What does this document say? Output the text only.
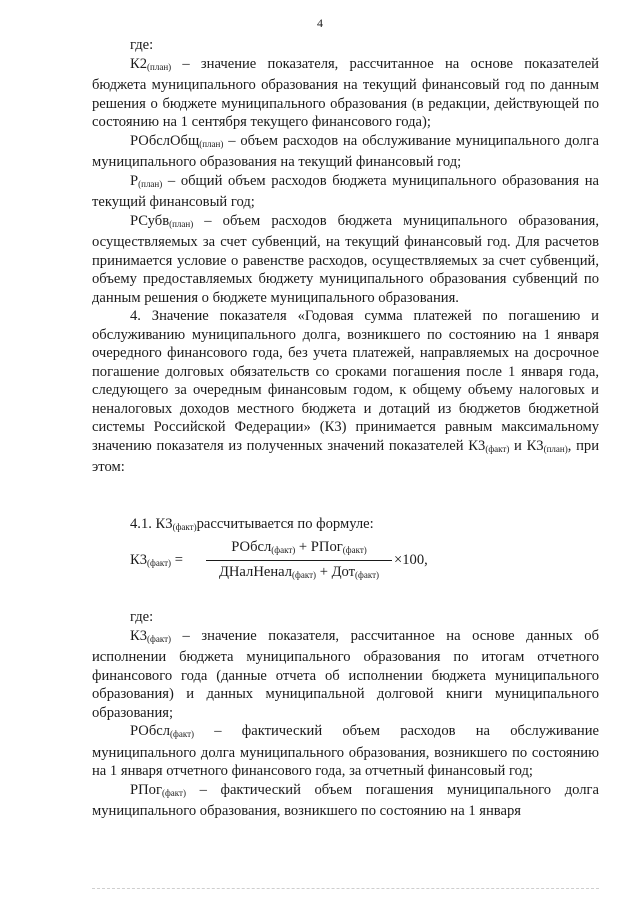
4

где:

$К2_{(план)}$ – значение показателя, рассчитанное на основе показателей бюджета муниципального образования на текущий финансовый год по данным решения о бюджете муниципального образования (в редакции, действующей по состоянию на 1 сентября текущего финансового года);

РОбслОбщ$_{(план)}$ – объем расходов на обслуживание муниципального долга муниципального образования на текущий финансовый год;

$Р_{(план)}$ – общий объем расходов бюджета муниципального образования на текущий финансовый год;

РСубв$_{(план)}$ – объем расходов бюджета муниципального образования, осуществляемых за счет субвенций, на текущий финансовый год. Для расчетов принимается условие о равенстве расходов, осуществляемых за счет субвенций, объему предоставляемых бюджету муниципального образования субвенций по данным решения о бюджете муниципального образования.

4. Значение показателя «Годовая сумма платежей по погашению и обслуживанию муниципального долга, возникшего по состоянию на 1 января очередного финансового года, без учета платежей, направляемых на досрочное погашение долговых обязательств со сроками погашения после 1 января года, следующего за очередным финансовым годом, к общему объему налоговых и неналоговых доходов местного бюджета и дотаций из бюджетов бюджетной системы Российской Федерации» (К3) принимается равным максимальному значению показателя из полученных значений показателей $К3_{(факт)}$ и $К3_{(план)}$, при этом:

4.1. $К3_{(факт)}рассчитывается$ по формуле:

$К3_{(факт)}$ =
РОбсл$_{(факт)}$ + РПог$_{(факт)}$
ДНалНенал$_{(факт)}$ + Дот$_{(факт)}$
×100,

где:

$К3_{(факт)}$ – значение показателя, рассчитанное на основе данных об исполнении бюджета муниципального образования по итогам отчетного финансового года (данные отчета об исполнении бюджета муниципального образования) и данных муниципальной долговой книги муниципального образования;

РОбсл$_{(факт)}$ – фактический объем расходов на обслуживание муниципального долга муниципального образования, возникшего по состоянию на 1 января отчетного финансового года, за отчетный финансовый год;

РПог$_{(факт)}$ – фактический объем погашения муниципального долга муниципального образования, возникшего по состоянию на 1 января
